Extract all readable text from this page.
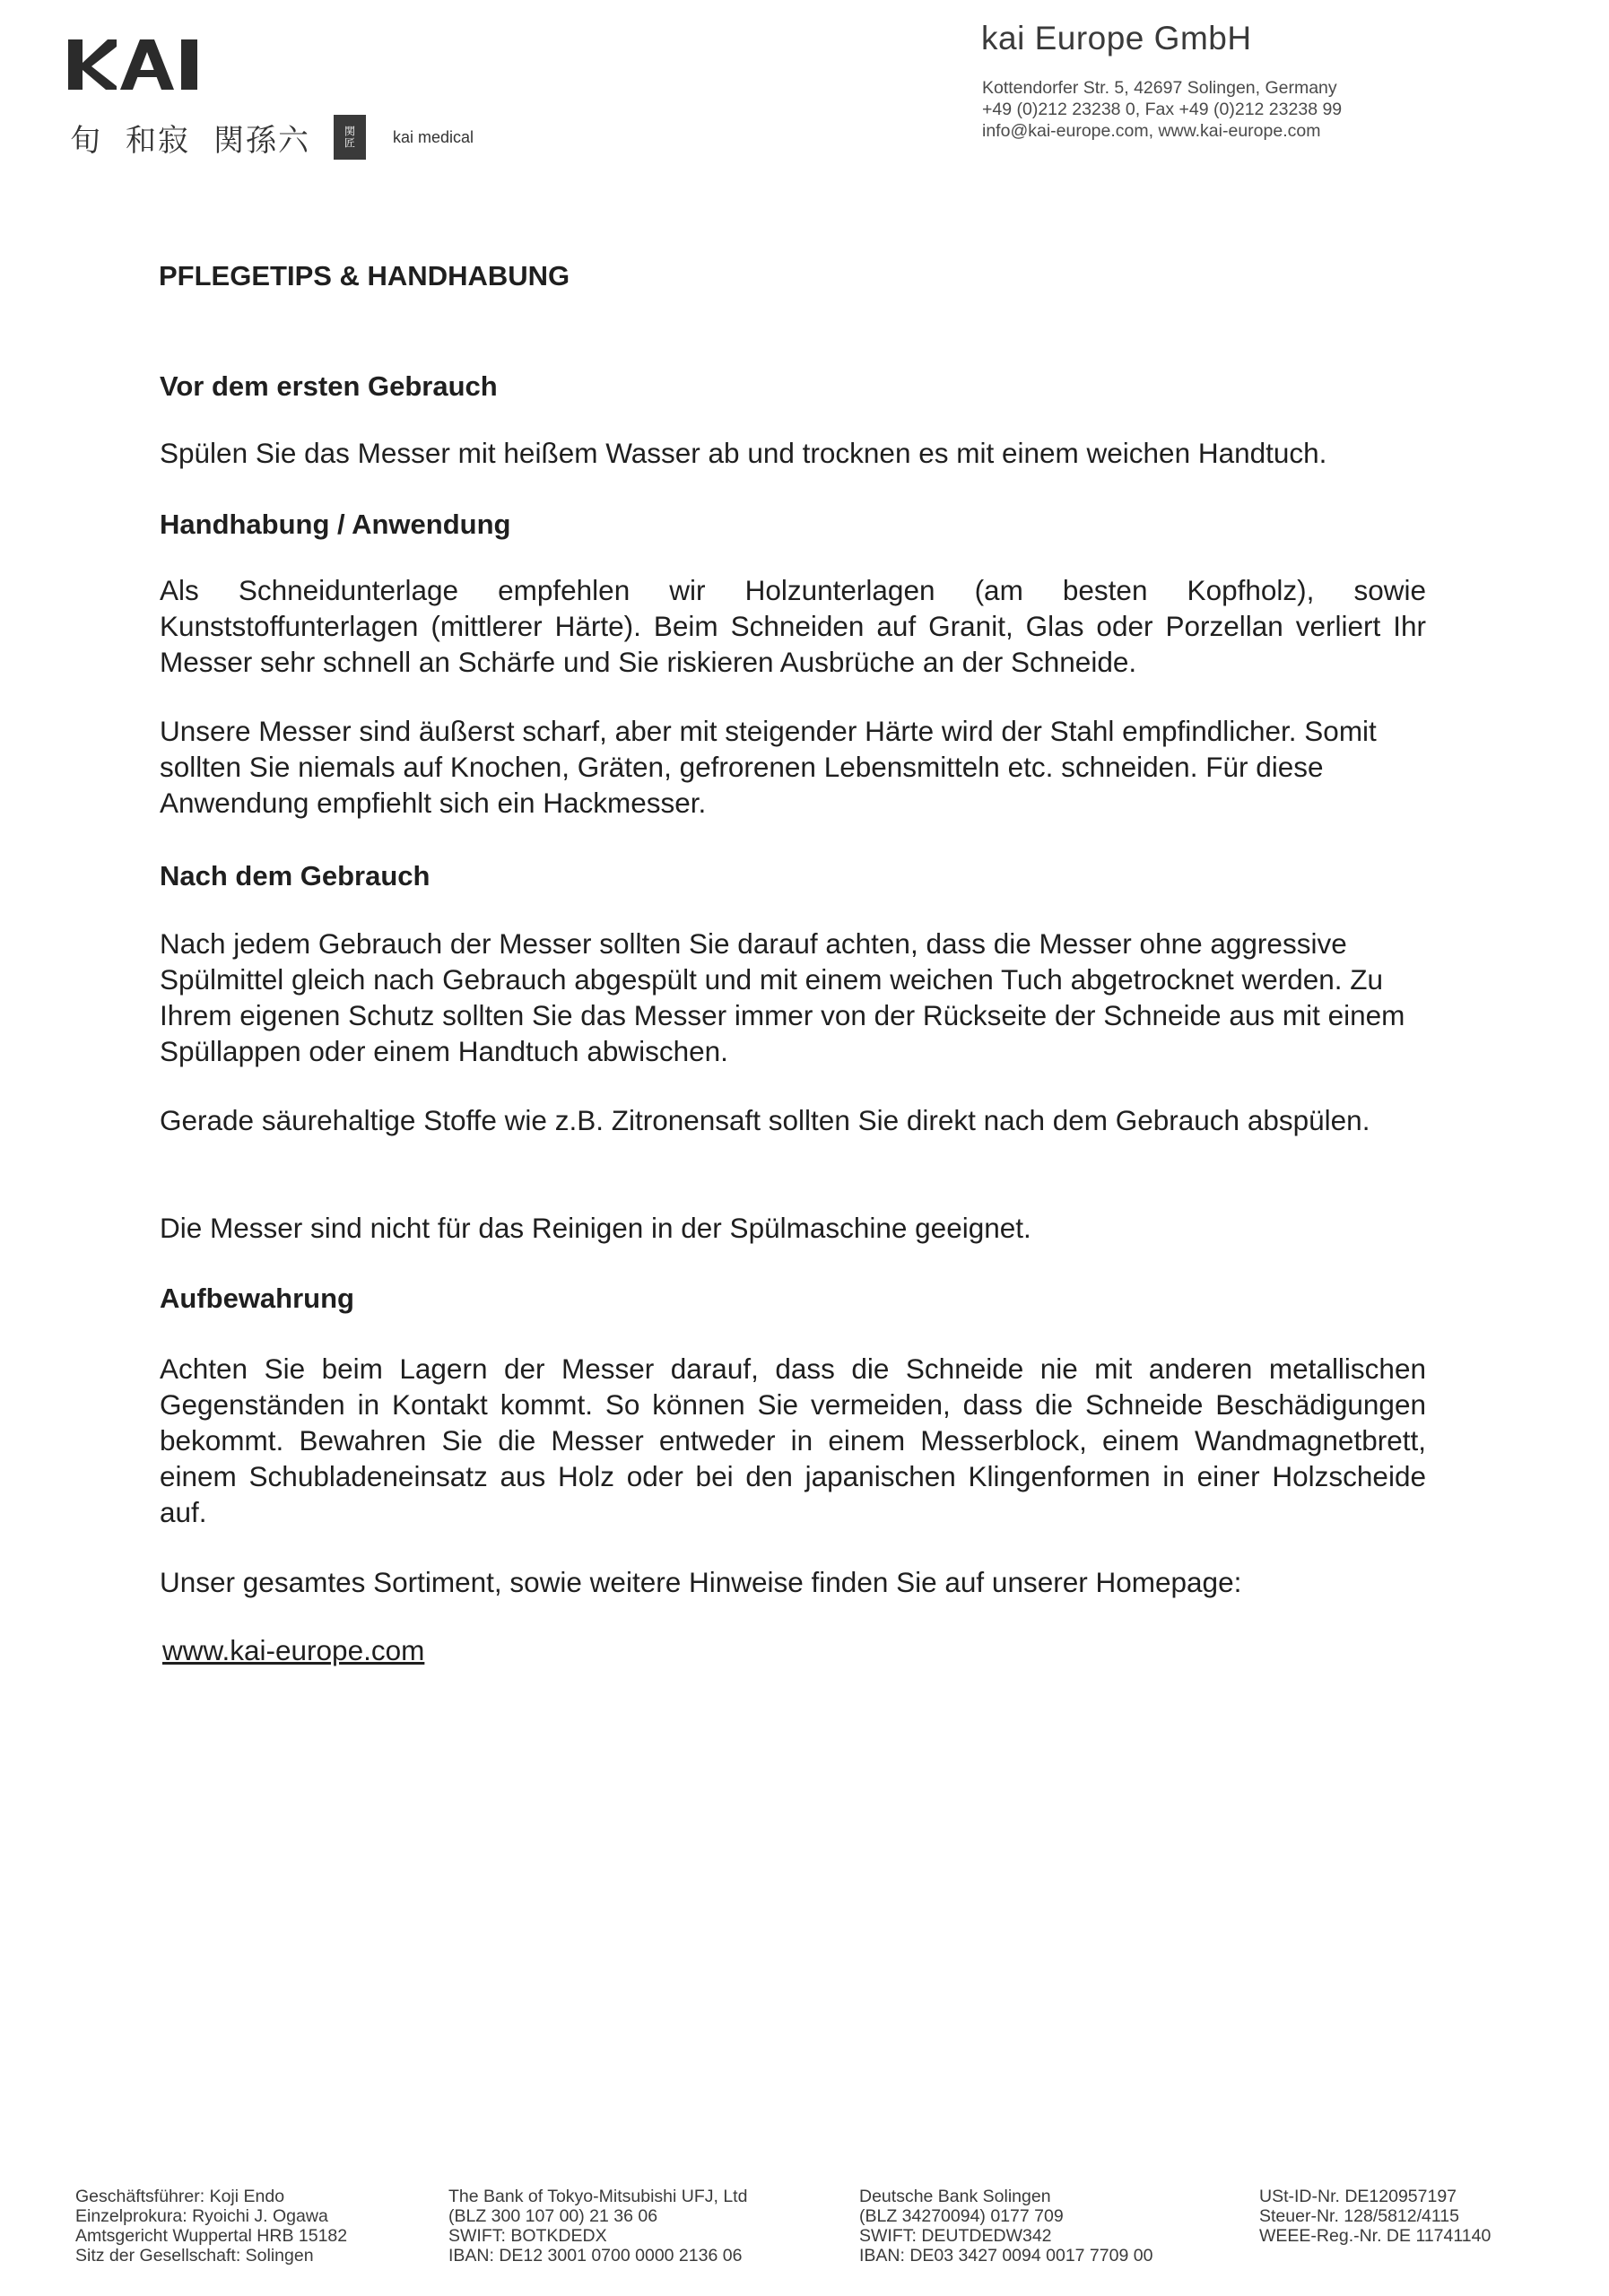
旬 和寂 関孫六	関匠	kai medical
kai Europe GmbH
Kottendorfer Str. 5, 42697 Solingen, Germany
+49 (0)212 23238 0, Fax +49 (0)212 23238 99
info@kai-europe.com, www.kai-europe.com
PFLEGETIPS & HANDHABUNG
Vor dem ersten Gebrauch
Spülen Sie das Messer mit heißem Wasser ab und trocknen es mit einem weichen Handtuch.
Handhabung / Anwendung
Als Schneidunterlage empfehlen wir Holzunterlagen (am besten Kopfholz), sowie Kunststoffunterlagen (mittlerer Härte). Beim Schneiden auf Granit, Glas oder Porzellan verliert Ihr Messer sehr schnell an Schärfe und Sie riskieren Ausbrüche an der Schneide.
Unsere Messer sind äußerst scharf, aber mit steigender Härte wird der Stahl empfindlicher. Somit sollten Sie niemals auf Knochen, Gräten, gefrorenen Lebensmitteln etc. schneiden. Für diese Anwendung empfiehlt sich ein Hackmesser.
Nach dem Gebrauch
Nach jedem Gebrauch der Messer sollten Sie darauf achten, dass die Messer ohne aggressive Spülmittel gleich nach Gebrauch abgespült und mit einem weichen Tuch abgetrocknet werden. Zu Ihrem eigenen Schutz sollten Sie das Messer immer von der Rückseite der Schneide aus mit einem Spüllappen oder einem Handtuch abwischen.
Gerade säurehaltige Stoffe wie z.B. Zitronensaft sollten Sie direkt nach dem Gebrauch abspülen.
Die Messer sind nicht für das Reinigen in der Spülmaschine geeignet.
Aufbewahrung
Achten Sie beim Lagern der Messer darauf, dass die Schneide nie mit anderen metallischen Gegenständen in Kontakt kommt. So können Sie vermeiden, dass die Schneide Beschädigungen bekommt. Bewahren Sie die Messer entweder in einem Messerblock, einem Wandmagnetbrett, einem Schubladeneinsatz aus Holz oder bei den japanischen Klingenformen in einer Holzscheide auf.
Unser gesamtes Sortiment, sowie weitere Hinweise finden Sie auf unserer Homepage:
www.kai-europe.com
Geschäftsführer: Koji Endo
Einzelprokura: Ryoichi J. Ogawa
Amtsgericht Wuppertal HRB 15182
Sitz der Gesellschaft: Solingen
The Bank of Tokyo-Mitsubishi UFJ, Ltd
(BLZ 300 107 00) 21 36 06
SWIFT: BOTKDEDX
IBAN: DE12 3001 0700 0000 2136 06
Deutsche Bank Solingen
(BLZ 34270094) 0177 709
SWIFT: DEUTDEDW342
IBAN: DE03 3427 0094 0017 7709 00
USt-ID-Nr. DE120957197
Steuer-Nr. 128/5812/4115
WEEE-Reg.-Nr. DE 11741140
